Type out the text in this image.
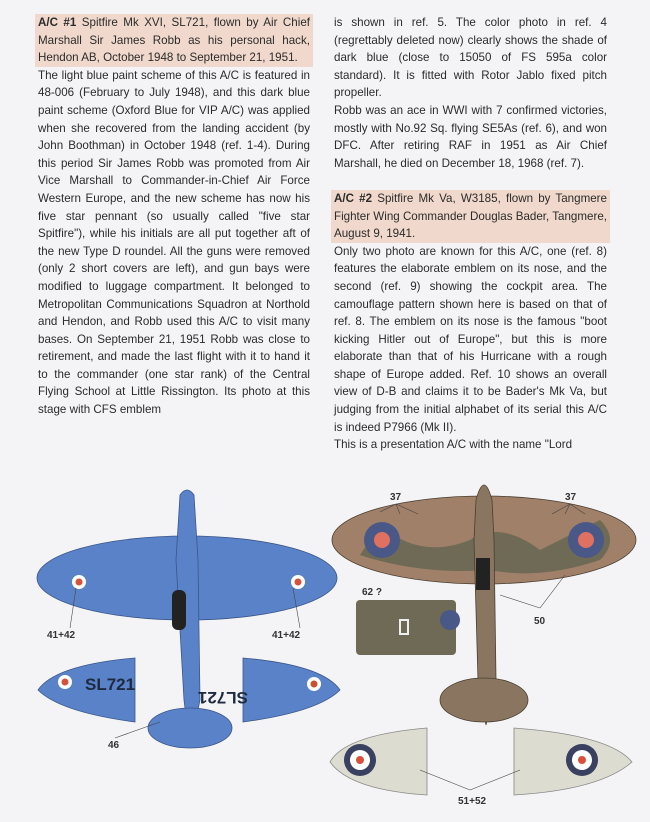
A/C #1 Spitfire Mk XVI, SL721, flown by Air Chief Marshall Sir James Robb as his personal hack, Hendon AB, October 1948 to September 21, 1951.

The light blue paint scheme of this A/C is featured in 48-006 (February to July 1948), and this dark blue paint scheme (Oxford Blue for VIP A/C) was applied when she recovered from the landing accident (by John Boothman) in October 1948 (ref. 1-4). During this period Sir James Robb was promoted from Air Vice Marshall to Commander-in-Chief Air Force Western Europe, and the new scheme has now his five star pennant (so usually called "five star Spitfire"), while his initials are all put together aft of the new Type D roundel. All the guns were removed (only 2 short covers are left), and gun bays were modified to luggage compartment. It belonged to Metropolitan Communications Squadron at Northold and Hendon, and Robb used this A/C to visit many bases. On September 21, 1951 Robb was close to retirement, and made the last flight with it to hand it to the commander (one star rank) of the Central Flying School at Little Rissington. Its photo at this stage with CFS emblem

is shown in ref. 5. The color photo in ref. 4 (regrettably deleted now) clearly shows the shade of dark blue (close to 15050 of FS 595a color standard). It is fitted with Rotor Jablo fixed pitch propeller.

Robb was an ace in WWI with 7 confirmed victories, mostly with No.92 Sq. flying SE5As (ref. 6), and won DFC. After retiring RAF in 1951 as Air Chief Marshall, he died on December 18, 1968 (ref. 7).

A/C #2 Spitfire Mk Va, W3185, flown by Tangmere Fighter Wing Commander Douglas Bader, Tangmere, August 9, 1941.

Only two photo are known for this A/C, one (ref. 8) features the elaborate emblem on its nose, and the second (ref. 9) showing the cockpit area. The camouflage pattern shown here is based on that of ref. 8. The emblem on its nose is the famous "boot kicking Hitler out of Europe", but this is more elaborate than that of his Hurricane with a rough shape of Europe added. Ref. 10 shows an overall view of D-B and claims it to be Bader's Mk Va, but judging from the initial alphabet of its serial this A/C is indeed P7966 (Mk II).

This is a presentation A/C with the name "Lord

SL721
SL721
41+42	41+42
46
37	37
50
62 ?
51+52
